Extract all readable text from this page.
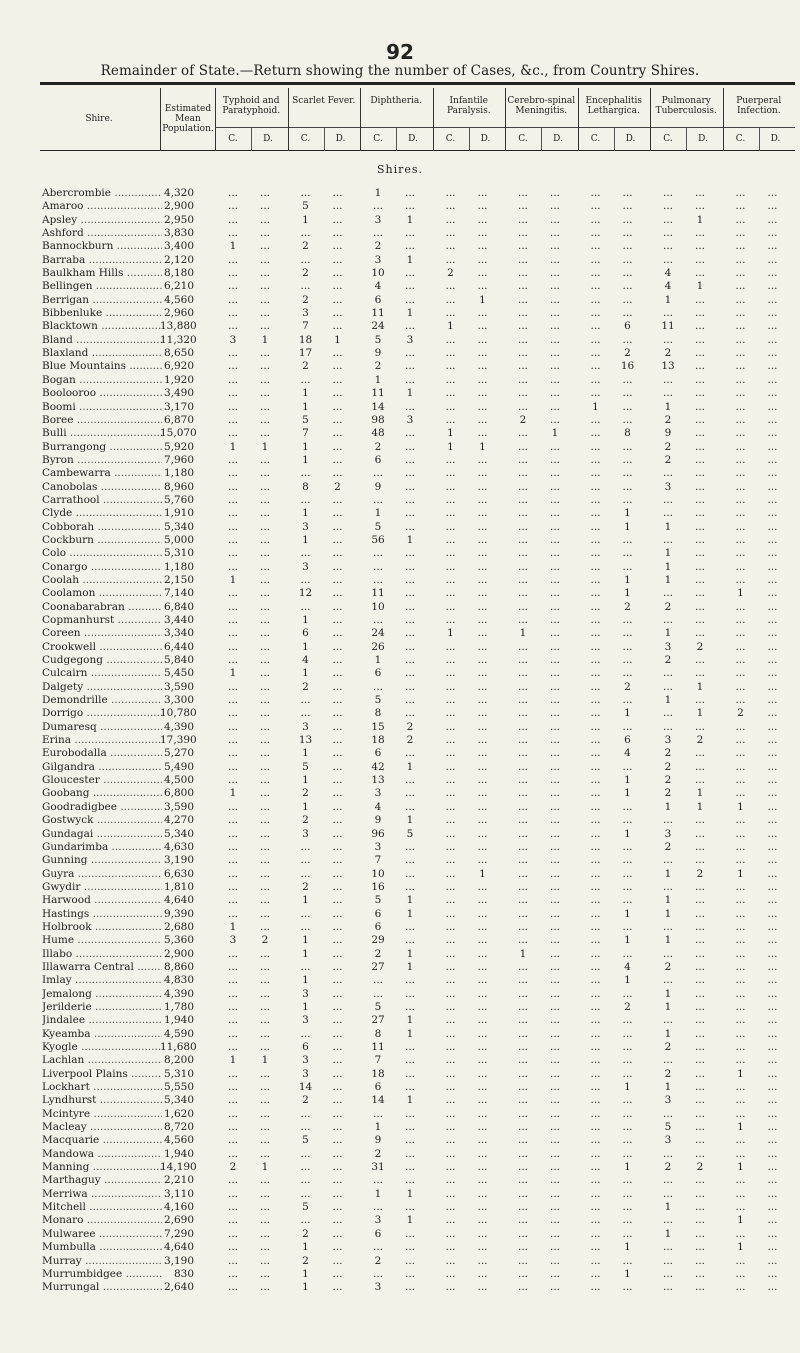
92
Remainder of State.—Return showing the number of Cases, &c., from Country Shires.
Shire.
Estimated Mean Population.
Typhoid and Paratyphoid.
C.	D.
Scarlet Fever.
C.	D.
Diphtheria.
C.	D.
Infantile Paralysis.
C.	D.
Cerebro-spinal Meningitis.
C.	D.
Encephalitis Lethargica.
C.	D.
Pulmonary Tuberculosis.
C.	D.
Puerperal Infection.
C.	D.
Shires.
Abercrombie .....	4,320	...	...	...	...	1	...	...	...	...	...	...	...	...	...	...	...
Amaroo .....	2,900	...	...	5	...	...	...	...	...	...	...	...	...	...	...	...	...
Apsley .....	2,950	...	...	1	...	3	1	...	...	...	...	...	...	...	1	...	...
Ashford .....	3,830	...	...	...	...	...	...	...	...	...	...	...	...	...	...	...	...
Bannockburn .....	3,400	1	...	2	...	2	...	...	...	...	...	...	...	...	...	...	...
Barraba .....	2,120	...	...	...	...	3	1	...	...	...	...	...	...	...	...	...	...
Baulkham Hills .....	8,180	...	...	2	...	10	...	2	...	...	...	...	...	4	...	...	...
Bellingen .....	6,210	...	...	...	...	4	...	...	...	...	...	...	...	4	1	...	...
Berrigan .....	4,560	...	...	2	...	6	...	...	1	...	...	...	...	1	...	...	...
Bibbenluke .....	2,960	...	...	3	...	11	1	...	...	...	...	...	...	...	...	...	...
Blacktown .....	13,880	...	...	7	...	24	...	1	...	...	...	...	6	11	...	...	...
Bland .....	11,320	3	1	18	1	5	3	...	...	...	...	...	...	...	...	...	...
Blaxland .....	8,650	...	...	17	...	9	...	...	...	...	...	...	2	2	...	...	...
Blue Mountains .....	6,920	...	...	2	...	2	...	...	...	...	...	...	16	13	...	...	...
Bogan .....	1,920	...	...	...	...	1	...	...	...	...	...	...	...	...	...	...	...
Boolooroo .....	3,490	...	...	1	...	11	1	...	...	...	...	...	...	...	...	...	...
Boomi .....	3,170	...	...	1	...	14	...	...	...	...	...	1	...	1	...	...	...
Boree .....	6,870	...	...	5	...	98	3	...	...	2	...	...	...	2	...	...	...
Bulli .....	15,070	...	...	7	...	48	...	1	...	...	1	...	8	9	...	...	...
Burrangong .....	5,920	1	1	1	...	2	...	1	1	...	...	...	...	2	...	...	...
Byron .....	7,960	...	...	1	...	6	...	...	...	...	...	...	...	2	...	...	...
Cambewarra .....	1,180	...	...	...	...	...	...	...	...	...	...	...	...	...	...	...	...
Canobolas .....	8,960	...	...	8	2	9	...	...	...	...	...	...	...	3	...	...	...
Carrathool .....	5,760	...	...	...	...	...	...	...	...	...	...	...	...	...	...	...	...
Clyde .....	1,910	...	...	1	...	1	...	...	...	...	...	...	1	...	...	...	...
Cobborah .....	5,340	...	...	3	...	5	...	...	...	...	...	...	1	1	...	...	...
Cockburn .....	5,000	...	...	1	...	56	1	...	...	...	...	...	...	...	...	...	...
Colo .....	5,310	...	...	...	...	...	...	...	...	...	...	...	...	1	...	...	...
Conargo .....	1,180	...	...	3	...	...	...	...	...	...	...	...	...	1	...	...	...
Coolah .....	2,150	1	...	...	...	...	...	...	...	...	...	...	1	1	...	...	...
Coolamon .....	7,140	...	...	12	...	11	...	...	...	...	...	...	1	...	...	1	...
Coonabarabran .....	6,840	...	...	...	...	10	...	...	...	...	...	...	2	2	...	...	...
Copmanhurst .....	3,440	...	...	1	...	...	...	...	...	...	...	...	...	...	...	...	...
Coreen .....	3,340	...	...	6	...	24	...	1	...	1	...	...	...	1	...	...	...
Crookwell .....	6,440	...	...	1	...	26	...	...	...	...	...	...	...	3	2	...	...
Cudgegong .....	5,840	...	...	4	...	1	...	...	...	...	...	...	...	2	...	...	...
Culcairn .....	5,450	1	...	1	...	6	...	...	...	...	...	...	...	...	...	...	...
Dalgety .....	3,590	...	...	2	...	...	...	...	...	...	...	...	2	...	1	...	...
Demondrille .....	3,300	...	...	...	...	5	...	...	...	...	...	...	...	1	...	...	...
Dorrigo .....	10,780	...	...	...	...	8	...	...	...	...	...	...	1	...	1	2	...
Dumaresq .....	4,390	...	...	3	...	15	2	...	...	...	...	...	...	...	...	...	...
Erina .....	17,390	...	...	13	...	18	2	...	...	...	...	...	6	3	2	...	...
Eurobodalla .....	5,270	...	...	1	...	6	...	...	...	...	...	...	4	2	...	...	...
Gilgandra .....	5,490	...	...	5	...	42	1	...	...	...	...	...	...	2	...	...	...
Gloucester .....	4,500	...	...	1	...	13	...	...	...	...	...	...	1	2	...	...	...
Goobang .....	6,800	1	...	2	...	3	...	...	...	...	...	...	1	2	1	...	...
Goodradigbee .....	3,590	...	...	1	...	4	...	...	...	...	...	...	...	1	1	1	...
Gostwyck .....	4,270	...	...	2	...	9	1	...	...	...	...	...	...	...	...	...	...
Gundagai .....	5,340	...	...	3	...	96	5	...	...	...	...	...	1	3	...	...	...
Gundarimba .....	4,630	...	...	...	...	3	...	...	...	...	...	...	...	2	...	...	...
Gunning .....	3,190	...	...	...	...	7	...	...	...	...	...	...	...	...	...	...	...
Guyra .....	6,630	...	...	...	...	10	...	...	1	...	...	...	...	1	2	1	...
Gwydir .....	1,810	...	...	2	...	16	...	...	...	...	...	...	...	...	...	...	...
Harwood .....	4,640	...	...	1	...	5	1	...	...	...	...	...	...	1	...	...	...
Hastings .....	9,390	...	...	...	...	6	1	...	...	...	...	...	1	1	...	...	...
Holbrook .....	2,680	1	...	...	...	6	...	...	...	...	...	...	...	...	...	...	...
Hume .....	5,360	3	2	1	...	29	...	...	...	...	...	...	1	1	...	...	...
Illabo .....	2,900	...	...	1	...	2	1	...	...	1	...	...	...	...	...	...	...
Illawarra Central .....	8,860	...	...	...	...	27	1	...	...	...	...	...	4	2	...	...	...
Imlay .....	4,830	...	...	1	...	...	...	...	...	...	...	...	1	...	...	...	...
Jemalong .....	4,390	...	...	3	...	...	...	...	...	...	...	...	...	1	...	...	...
Jerilderie .....	1,780	...	...	1	...	5	...	...	...	...	...	...	2	1	...	...	...
Jindalee .....	1,940	...	...	3	...	27	1	...	...	...	...	...	...	...	...	...	...
Kyeamba .....	4,590	...	...	...	...	8	1	...	...	...	...	...	...	1	...	...	...
Kyogle .....	11,680	...	...	6	...	11	...	...	...	...	...	...	...	2	...	...	...
Lachlan .....	8,200	1	1	3	...	7	...	...	...	...	...	...	...	...	...	...	...
Liverpool Plains .....	5,310	...	...	3	...	18	...	...	...	...	...	...	...	2	...	1	...
Lockhart .....	5,550	...	...	14	...	6	...	...	...	...	...	...	1	1	...	...	...
Lyndhurst .....	5,340	...	...	2	...	14	1	...	...	...	...	...	...	3	...	...	...
Mcintyre .....	1,620	...	...	...	...	...	...	...	...	...	...	...	...	...	...	...	...
Macleay .....	8,720	...	...	...	...	1	...	...	...	...	...	...	...	5	...	1	...
Macquarie .....	4,560	...	...	5	...	9	...	...	...	...	...	...	...	3	...	...	...
Mandowa .....	1,940	...	...	...	...	2	...	...	...	...	...	...	...	...	...	...	...
Manning .....	14,190	2	1	...	...	31	...	...	...	...	...	...	1	2	2	1	...
Marthaguy .....	2,210	...	...	...	...	...	...	...	...	...	...	...	...	...	...	...	...
Merriwa .....	3,110	...	...	...	...	1	1	...	...	...	...	...	...	...	...	...	...
Mitchell .....	4,160	...	...	5	...	...	...	...	...	...	...	...	...	1	...	...	...
Monaro .....	2,690	...	...	...	...	3	1	...	...	...	...	...	...	...	...	1	...
Mulwaree .....	7,290	...	...	2	...	6	...	...	...	...	...	...	...	1	...	...	...
Mumbulla .....	4,640	...	...	1	...	...	...	...	...	...	...	...	1	...	...	1	...
Murray .....	3,190	...	...	2	...	2	...	...	...	...	...	...	...	...	...	...	...
Murrumbidgee .....	830	...	...	1	...	...	...	...	...	...	...	...	1	...	...	...	...
Murrungal .....	2,640	...	...	1	...	3	...	...	...	...	...	...	...	...	...	...	...
